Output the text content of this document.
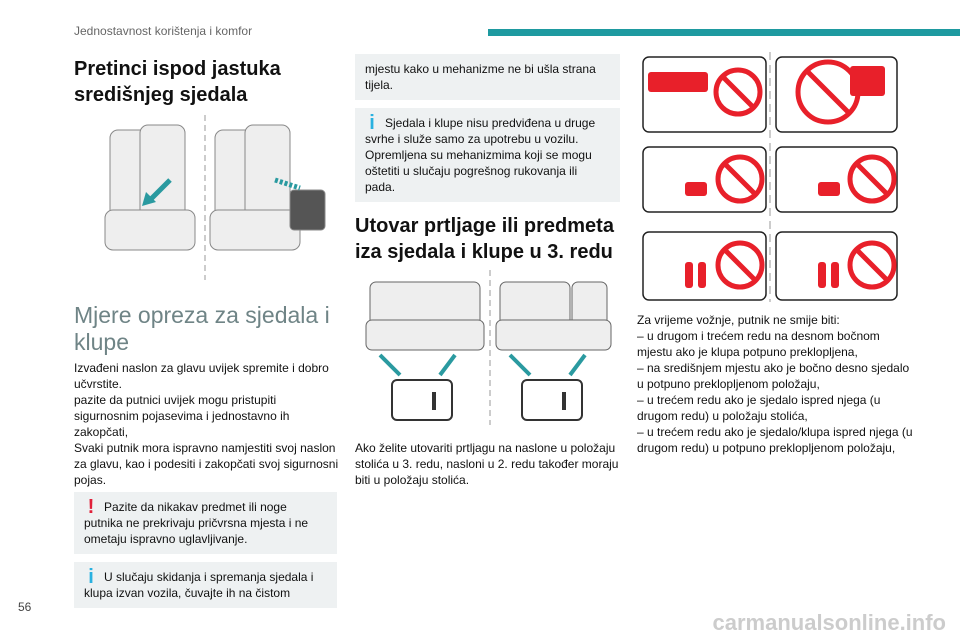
Jednostavnost korištenja i komfor
Pretinci ispod jastuka središnjeg sjedala
Mjere opreza za sjedala i klupe

Izvađeni naslon za glavu uvijek spremite i dobro učvrstite.

pazite da putnici uvijek mogu pristupiti sigurnosnim pojasevima i jednostavno ih zakopčati,

Svaki putnik mora ispravno namjestiti svoj naslon za glavu, kao i podesiti i zakopčati svoj sigurnosni pojas.

! Pazite da nikakav predmet ili noge putnika ne prekrivaju pričvrsna mjesta i ne ometaju ispravno uglavljivanje.
i U slučaju skidanja i spremanja sjedala i klupa izvan vozila, čuvajte ih na čistom
mjestu kako u mehanizme ne bi ušla strana tijela.
i Sjedala i klupe nisu predviđena u druge svrhe i služe samo za upotrebu u vozilu. Opremljena su mehanizmima koji se mogu oštetiti u slučaju pogrešnog rukovanja ili pada.
Utovar prtljage ili predmeta iza sjedala i klupe u 3. redu

Ako želite utovariti prtljagu na naslone u položaju stolića u 3. redu, nasloni u 2. redu također moraju biti u položaju stolića.

Za vrijeme vožnje, putnik ne smije biti:

– u drugom i trećem redu na desnom bočnom mjestu ako je klupa potpuno preklopljena,

– na središnjem mjestu ako je bočno desno sjedalo u potpuno preklopljenom položaju,

– u trećem redu ako je sjedalo ispred njega (u drugom redu) u položaju stolića,

– u trećem redu ako je sjedalo/klupa ispred njega (u drugom redu) u potpuno preklopljenom položaju,

56
carmanualsonline.info
